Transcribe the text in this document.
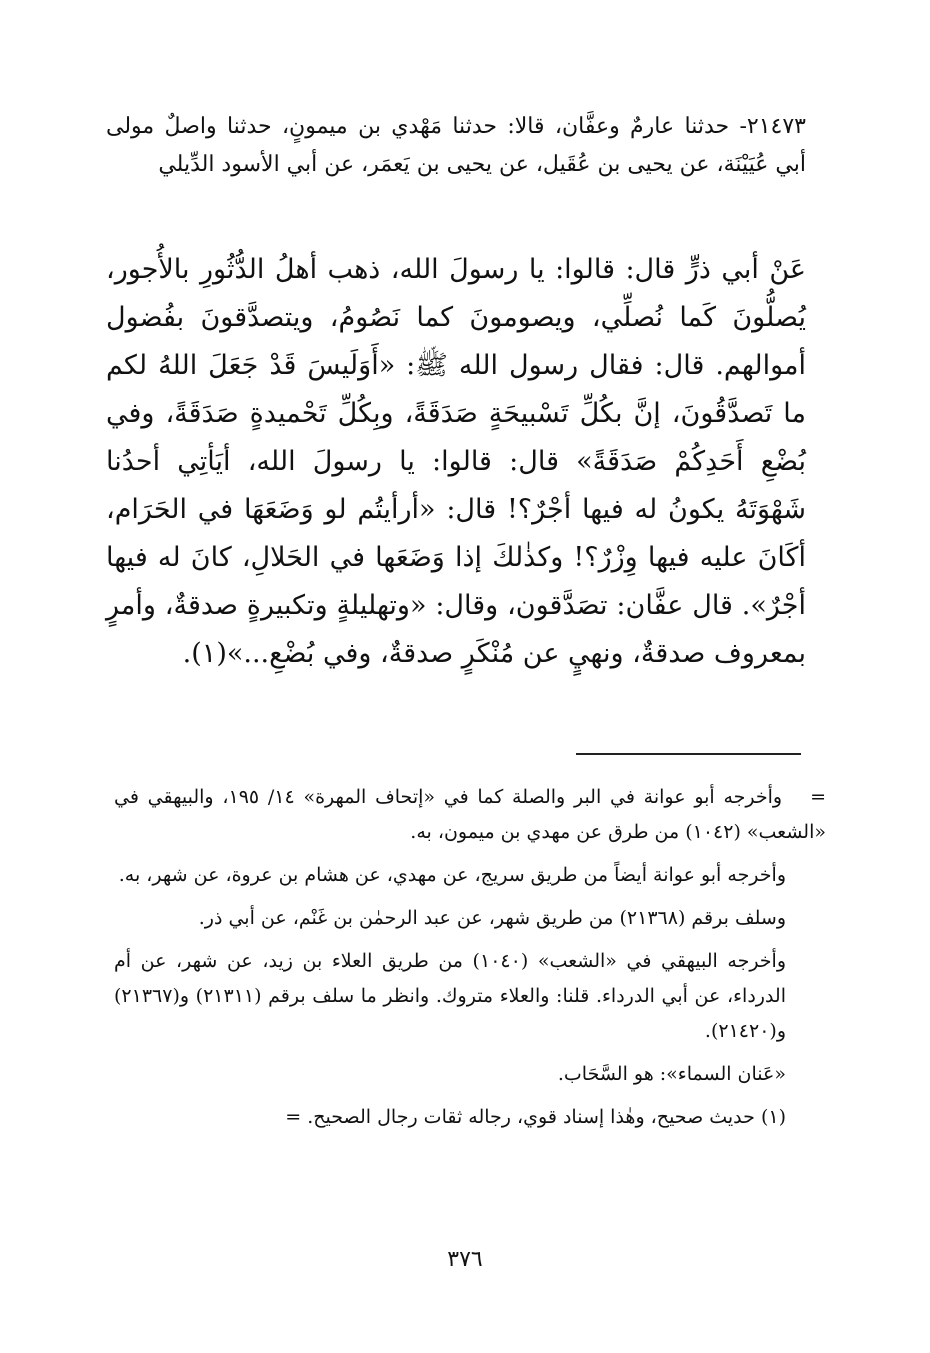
٢١٤٧٣- حدثنا عارمٌ وعفَّان، قالا: حدثنا مَهْدي بن ميمونٍ، حدثنا واصلٌ مولى أبي عُيَيْنَة، عن يحيى بن عُقَيل، عن يحيى بن يَعمَر، عن أبي الأسود الدِّيلي

عَنْ أبي ذرٍّ قال: قالوا: يا رسولَ الله، ذهب أهلُ الدُّثُورِ بالأُجور، يُصلُّونَ كَما نُصلِّي، ويصومونَ كما نَصُومُ، ويتصدَّقونَ بفُضول أموالهم. قال: فقال رسول الله ﷺ: «أَوَلَيسَ قَدْ جَعَلَ اللهُ لكم ما تَصدَّقُونَ، إنَّ بكُلِّ تَسْبيحَةٍ صَدَقَةً، وبِكُلِّ تَحْميدةٍ صَدَقَةً، وفي بُضْعِ أَحَدِكُمْ صَدَقَةً» قال: قالوا: يا رسولَ الله، أيَأتِي أحدُنا شَهْوَتَهُ يكونُ له فيها أجْرٌ؟! قال: «أرأيتُم لو وَضَعَهَا في الحَرَام، أكَانَ عليه فيها وِزْرٌ؟! وكذٰلكَ إذا وَضَعَها في الحَلالِ، كانَ له فيها أجْرٌ». قال عفَّان: تصَدَّقون، وقال: «وتهليلةٍ وتكبيرةٍ صدقةٌ، وأمرٍ بمعروف صدقةٌ، ونهيٍ عن مُنْكَرٍ صدقةٌ، وفي بُضْعِ...»(١).

=وأخرجه أبو عوانة في البر والصلة كما في «إتحاف المهرة» ١٤/ ١٩٥، والبيهقي في «الشعب» (١٠٤٢) من طرق عن مهدي بن ميمون، به.

وأخرجه أبو عوانة أيضاً من طريق سريج، عن مهدي، عن هشام بن عروة، عن شهر، به.

وسلف برقم (٢١٣٦٨) من طريق شهر، عن عبد الرحمٰن بن غَنْم، عن أبي ذر.

وأخرجه البيهقي في «الشعب» (١٠٤٠) من طريق العلاء بن زيد، عن شهر، عن أم الدرداء، عن أبي الدرداء. قلنا: والعلاء متروك. وانظر ما سلف برقم (٢١٣١١) و(٢١٣٦٧) و(٢١٤٢٠).

«عَنان السماء»: هو السَّحَاب.

(١) حديث صحيح، وهٰذا إسناد قوي، رجاله ثقات رجال الصحيح. =

٣٧٦
